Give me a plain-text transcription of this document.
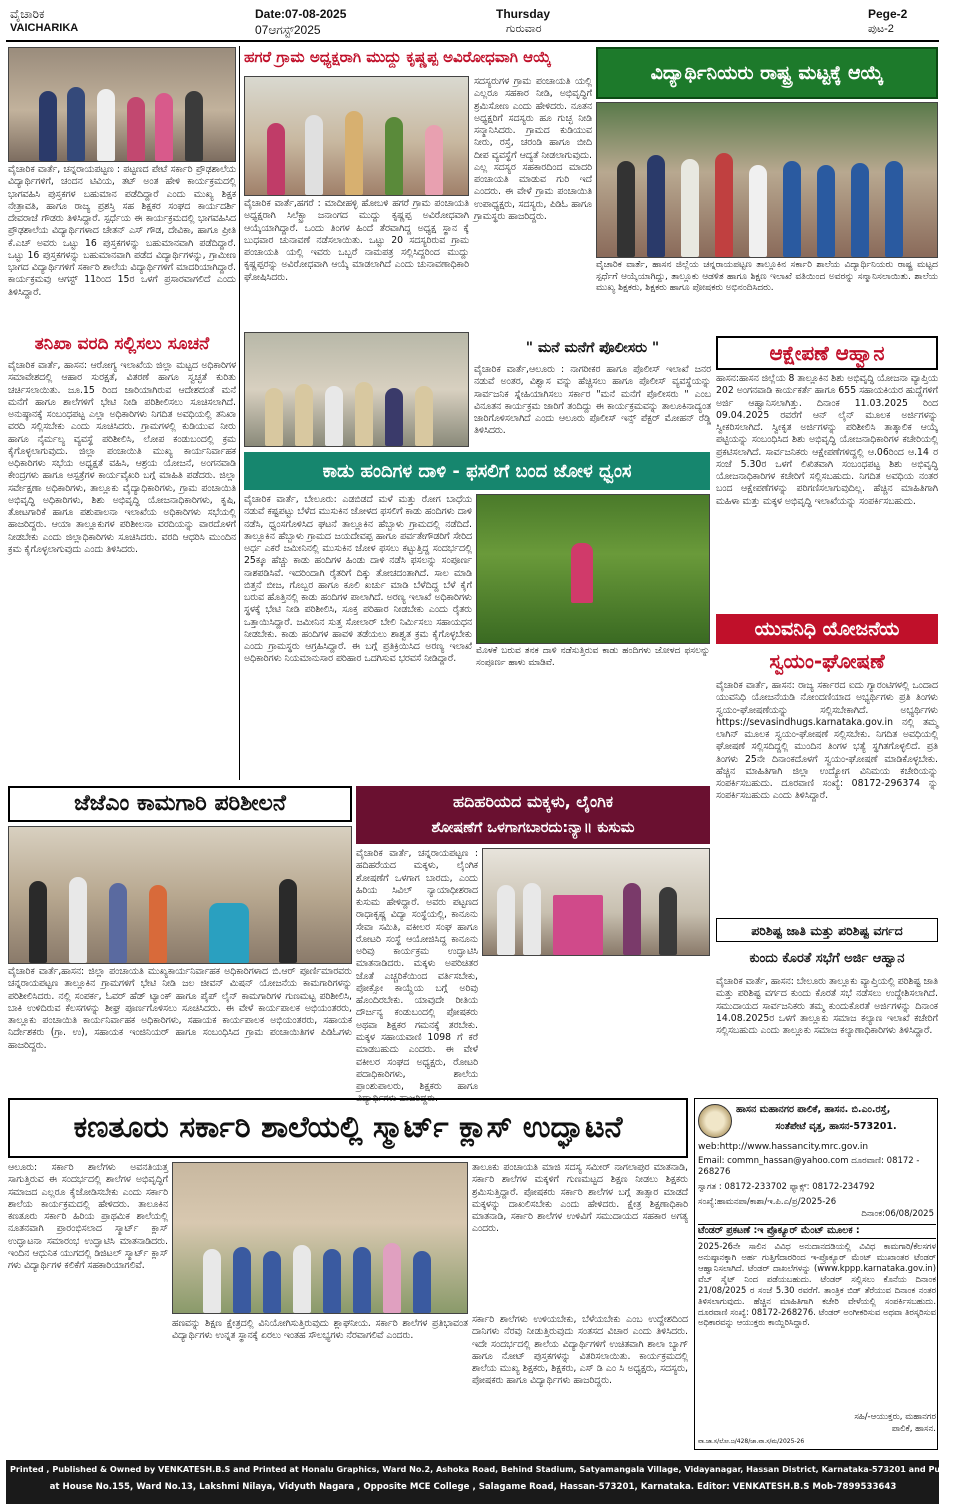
ವೈಚಾರಿಕ
VAICHARIKA
Date:07-08-2025
07ಆಗಸ್ಟ್2025
Thursday
ಗುರುವಾರ
Pege-2
ಪುಟ-2
ವೈಚಾರಿಕ ವಾರ್ತೆ, ಚನ್ನರಾಯಪಟ್ಟಣ : ಪಟ್ಟಣದ ಪೇಟೆ ಸರ್ಕಾರಿ ಪ್ರೌಢಶಾಲೆಯ ವಿದ್ಯಾರ್ಥಿಗಳಿಗೆ, ಚಂದನ ಟಿವಿಯ, ತಟ್ ಅಂತ ಹೇಳಿ ಕಾರ್ಯಕ್ರಮದಲ್ಲಿ ಭಾಗವಹಿಸಿ ಪುಸ್ತಕಗಳ ಬಹುಮಾನ ಪಡೆದಿದ್ದಾರೆ ಎಂದು ಮುಖ್ಯ ಶಿಕ್ಷಕ ನೇತ್ರಾವತಿ, ಹಾಗೂ ರಾಜ್ಯ ಪ್ರಶಸ್ತಿ ಸಹ ಶಿಕ್ಷಕರ ಸಂಘದ ಕಾರ್ಯದರ್ಶಿ ದೇವರಾಜೆ ಗೌಡರು ತಿಳಿಸಿದ್ದಾರೆ. ಸ್ಪರ್ಧೆಯ ಈ ಕಾರ್ಯಕ್ರಮದಲ್ಲಿ ಭಾಗವಹಿಸಿದ ಪ್ರೌಢಶಾಲೆಯ ವಿದ್ಯಾರ್ಥಿಗಳಾದ ಚೇತನ್ ಎಸ್ ಗೌಡ, ದೇವಿಕಾ, ಹಾಗೂ ಪ್ರೀತಿ ಕೆ.ಎಚ್ ಅವರು ಒಟ್ಟು 16 ಪುಸ್ತಕಗಳನ್ನು ಬಹುಮಾನವಾಗಿ ಪಡೆದಿದ್ದಾರೆ. ಒಟ್ಟು 16 ಪುಸ್ತಕಗಳನ್ನು ಬಹುಮಾನವಾಗಿ ಪಡೆದ ವಿದ್ಯಾರ್ಥಿಗಳನ್ನು, ಗ್ರಾಮೀಣ ಭಾಗದ ವಿದ್ಯಾರ್ಥಿಗಳಿಗೆ ಸರ್ಕಾರಿ ಶಾಲೆಯ ವಿದ್ಯಾರ್ಥಿಗಳಿಗೆ ಮಾದರಿಯಾಗಿದ್ದಾರೆ. ಕಾರ್ಯಕ್ರಮವು ಆಗಸ್ಟ್ 11ರಿಂದ 15ರ ಒಳಗೆ ಪ್ರಸಾರವಾಗಲಿದೆ ಎಂದು ತಿಳಿಸಿದ್ದಾರೆ.
ತನಿಖಾ ವರದಿ ಸಲ್ಲಿಸಲು ಸೂಚನೆ
ವೈಚಾರಿಕ ವಾರ್ತೆ, ಹಾಸನ: ಆರೋಗ್ಯ ಇಲಾಖೆಯ ಜಿಲ್ಲಾ ಮಟ್ಟದ ಅಧಿಕಾರಿಗಳ ಸಮಾವೇಶದಲ್ಲಿ ಆಹಾರ ಸುರಕ್ಷತೆ, ವಿತರಣೆ ಹಾಗೂ ಸ್ವಚ್ಛತೆ ಕುರಿತು ಚರ್ಚಿಸಲಾಯಿತು. ಜೂ.15 ರಿಂದ ಜಾರಿಯಾಗಿರುವ ಆದೇಶದಂತೆ ಮನೆ ಮನೆಗೆ ಹಾಗೂ ಶಾಲೆಗಳಿಗೆ ಭೇಟಿ ನೀಡಿ ಪರಿಶೀಲಿಸಲು ಸೂಚಿಸಲಾಗಿದೆ. ಅನುಷ್ಠಾನಕ್ಕೆ ಸಂಬಂಧಪಟ್ಟ ಎಲ್ಲಾ ಅಧಿಕಾರಿಗಳು ನಿಗದಿತ ಅವಧಿಯಲ್ಲಿ ತನಿಖಾ ವರದಿ ಸಲ್ಲಿಸಬೇಕು ಎಂದು ಸೂಚಿಸಿದರು. ಗ್ರಾಮಗಳಲ್ಲಿ ಕುಡಿಯುವ ನೀರು ಹಾಗೂ ನೈರ್ಮಲ್ಯ ವ್ಯವಸ್ಥೆ ಪರಿಶೀಲಿಸಿ, ಲೋಪ ಕಂಡುಬಂದಲ್ಲಿ ಕ್ರಮ ಕೈಗೊಳ್ಳಲಾಗುವುದು. ಜಿಲ್ಲಾ ಪಂಚಾಯಿತಿ ಮುಖ್ಯ ಕಾರ್ಯನಿರ್ವಾಹಕ ಅಧಿಕಾರಿಗಳು ಸಭೆಯ ಅಧ್ಯಕ್ಷತೆ ವಹಿಸಿ, ಆಶ್ರಯ ಯೋಜನೆ, ಅಂಗನವಾಡಿ ಕೇಂದ್ರಗಳು ಹಾಗೂ ಆಸ್ಪತ್ರೆಗಳ ಕಾರ್ಯವೈಖರಿ ಬಗ್ಗೆ ಮಾಹಿತಿ ಪಡೆದರು. ಜಿಲ್ಲಾ ಸರ್ವೇಕ್ಷಣಾ ಅಧಿಕಾರಿಗಳು, ತಾಲ್ಲೂಕು ವೈದ್ಯಾಧಿಕಾರಿಗಳು, ಗ್ರಾಮ ಪಂಚಾಯಿತಿ ಅಭಿವೃದ್ಧಿ ಅಧಿಕಾರಿಗಳು, ಶಿಶು ಅಭಿವೃದ್ಧಿ ಯೋಜನಾಧಿಕಾರಿಗಳು, ಕೃಷಿ, ತೋಟಗಾರಿಕೆ ಹಾಗೂ ಪಶುಪಾಲನಾ ಇಲಾಖೆಯ ಅಧಿಕಾರಿಗಳು ಸಭೆಯಲ್ಲಿ ಹಾಜರಿದ್ದರು. ಆಯಾ ತಾಲ್ಲೂಕುಗಳ ಪರಿಶೀಲನಾ ವರದಿಯನ್ನು ವಾರದೊಳಗೆ ನೀಡಬೇಕು ಎಂದು ಜಿಲ್ಲಾಧಿಕಾರಿಗಳು ಸೂಚಿಸಿದರು. ವರದಿ ಆಧರಿಸಿ ಮುಂದಿನ ಕ್ರಮ ಕೈಗೊಳ್ಳಲಾಗುವುದು ಎಂದು ತಿಳಿಸಿದರು.
ಹಗರೆ ಗ್ರಾಮ ಅಧ್ಯಕ್ಷರಾಗಿ ಮುದ್ದು ಕೃಷ್ಣಪ್ಪ ಅವಿರೋಧವಾಗಿ ಆಯ್ಕೆ
ವೈಚಾರಿಕ ವಾರ್ತೆ,ಹಗರೆ : ಮಾದೀಹಳ್ಳಿ ಹೋಬಳಿ ಹಗರೆ ಗ್ರಾಮ ಪಂಚಾಯತಿ ಅಧ್ಯಕ್ಷರಾಗಿ ಸಿಲೆಕ್ಟ್ರಾ ಜನಾಂಗದ ಮುದ್ದು ಕೃಷ್ಣಪ್ಪ ಅವಿರೋಧವಾಗಿ ಆಯ್ಕೆಯಾಗಿದ್ದಾರೆ. ಒಂದು ತಿಂಗಳ ಹಿಂದೆ ತೆರವಾಗಿದ್ದ ಅಧ್ಯಕ್ಷ ಸ್ಥಾನ ಕ್ಕೆ ಬುಧವಾರ ಚುನಾವಣೆ ನಡೆಸಲಾಯಿತು. ಒಟ್ಟು 20 ಸದಸ್ಯರಿರುವ ಗ್ರಾಮ ಪಂಚಾಯತಿ ಯಲ್ಲಿ ಇವರು ಒಬ್ಬರೆ ನಾಮಪತ್ರ ಸಲ್ಲಿಸಿದ್ದರಿಂದ ಮುದ್ದು ಕೃಷ್ಣಪ್ಪರನ್ನು ಅವಿರೋಧವಾಗಿ ಆಯ್ಕೆ ಮಾಡಲಾಗಿದೆ ಎಂದು ಚುನಾವಣಾಧಿಕಾರಿ ಘೋಷಿಸಿದರು.
ಸದಸ್ಯರುಗಳ ಗ್ರಾಮ ಪಂಚಾಯತಿ ಯಲ್ಲಿ ಎಲ್ಲರೂ ಸಹಕಾರ ನೀಡಿ, ಅಭಿವೃದ್ಧಿಗೆ ಶ್ರಮಿಸೋಣ ಎಂದು ಹೇಳಿದರು. ನೂತನ ಅಧ್ಯಕ್ಷರಿಗೆ ಸದಸ್ಯರು ಹೂ ಗುಚ್ಛ ನೀಡಿ ಸನ್ಮಾನಿಸಿದರು. ಗ್ರಾಮದ ಕುಡಿಯುವ ನೀರು, ರಸ್ತೆ, ಚರಂಡಿ ಹಾಗೂ ಬೀದಿ ದೀಪ ವ್ಯವಸ್ಥೆಗೆ ಆದ್ಯತೆ ನೀಡಲಾಗುವುದು. ಎಲ್ಲ ಸದಸ್ಯರ ಸಹಕಾರದಿಂದ ಮಾದರಿ ಪಂಚಾಯತಿ ಮಾಡುವ ಗುರಿ ಇದೆ ಎಂದರು. ಈ ವೇಳೆ ಗ್ರಾಮ ಪಂಚಾಯಿತಿ ಉಪಾಧ್ಯಕ್ಷರು, ಸದಸ್ಯರು, ಪಿಡಿಓ ಹಾಗೂ ಗ್ರಾಮಸ್ಥರು ಹಾಜರಿದ್ದರು.
" ಮನೆ ಮನೆಗೆ ಪೊಲೀಸರು "
ವೈಚಾರಿಕ ವಾರ್ತೆ,ಆಲೂರು : ನಾಗರೀಕರ ಹಾಗೂ ಪೊಲೀಸ್ ಇಲಾಖೆ ಜನರ ನಡುವೆ ಅಂತರ, ವಿಶ್ವಾಸ ವನ್ನು ಹೆಚ್ಚಿಸಲು ಹಾಗೂ ಪೊಲೀಸ್ ವ್ಯವಸ್ಥೆಯನ್ನು ಸಾರ್ವಜನಿಕ ಸ್ನೇಹಿಯಾಗಿಸಲು ಸರ್ಕಾರ "ಮನೆ ಮನೆಗೆ ಪೊಲೀಸರು " ಎಂಬ ವಿನೂತನ ಕಾರ್ಯಕ್ರಮ ಜಾರಿಗೆ ತಂದಿದ್ದು ಈ ಕಾರ್ಯಕ್ರಮವನ್ನು ತಾಲೂಕಿನಾದ್ಯಂತ ಜಾರಿಗೊಳಿಸಲಾಗಿದೆ ಎಂದು ಆಲೂರು ಪೊಲೀಸ್ ಇನ್ಸ್ ಪೆಕ್ಟರ್ ಮೋಹನ್ ರೆಡ್ಡಿ ತಿಳಿಸಿದರು.
ಕಾಡು ಹಂದಿಗಳ ದಾಳಿ - ಫಸಲಿಗೆ ಬಂದ ಜೋಳ ಧ್ವಂಸ
ವೈಚಾರಿಕ ವಾರ್ತೆ, ಬೇಲೂರು: ಎಡಬಿಡದೆ ಮಳೆ ಮತ್ತು ರೋಗ ಬಾಧೆಯ ನಡುವೆ ಕಷ್ಟಪಟ್ಟು ಬೆಳೆದ ಮುಸುಕಿನ ಜೋಳದ ಫಸಲಿಗೆ ಕಾಡು ಹಂದಿಗಳು ದಾಳಿ ನಡೆಸಿ, ಧ್ವಂಸಗೊಳಿಸಿದ ಘಟನೆ ತಾಲ್ಲೂಕಿನ ಹೆಬ್ಬಾಳು ಗ್ರಾಮದಲ್ಲಿ ನಡೆದಿದೆ. ತಾಲ್ಲೂಕಿನ ಹೆಬ್ಬಾಳು ಗ್ರಾಮದ ಜಯದೇವಪ್ಪ ಹಾಗೂ ಪರ್ವತೇಗೌಡರಿಗೆ ಸೇರಿದ ಅರ್ಧ ಎಕರೆ ಜಮೀನಿನಲ್ಲಿ ಮುಸುಕಿನ ಜೋಳ ಫಸಲು ಕಟ್ಟುತ್ತಿದ್ದ ಸಂದರ್ಭದಲ್ಲಿ 25ಕ್ಕೂ ಹೆಚ್ಚು ಕಾಡು ಹಂದಿಗಳ ಹಿಂಡು ದಾಳಿ ನಡೆಸಿ ಫಸಲನ್ನು ಸಂಪೂರ್ಣ ನಾಶಪಡಿಸಿವೆ. ಇದರಿಂದಾಗಿ ರೈತರಿಗೆ ದಿಕ್ಕು ತೋಚದಂತಾಗಿದೆ. ಸಾಲ ಮಾಡಿ ಬಿತ್ತನೆ ಬೀಜ, ಗೊಬ್ಬರ ಹಾಗೂ ಕೂಲಿ ಖರ್ಚು ಮಾಡಿ ಬೆಳೆದಿದ್ದ ಬೆಳೆ ಕೈಗೆ ಬರುವ ಹೊತ್ತಿನಲ್ಲಿ ಕಾಡು ಹಂದಿಗಳ ಪಾಲಾಗಿದೆ. ಅರಣ್ಯ ಇಲಾಖೆ ಅಧಿಕಾರಿಗಳು ಸ್ಥಳಕ್ಕೆ ಭೇಟಿ ನೀಡಿ ಪರಿಶೀಲಿಸಿ, ಸೂಕ್ತ ಪರಿಹಾರ ನೀಡಬೇಕು ಎಂದು ರೈತರು ಒತ್ತಾಯಿಸಿದ್ದಾರೆ. ಜಮೀನಿನ ಸುತ್ತ ಸೋಲಾರ್ ಬೇಲಿ ನಿರ್ಮಿಸಲು ಸಹಾಯಧನ ನೀಡಬೇಕು. ಕಾಡು ಹಂದಿಗಳ ಹಾವಳಿ ತಡೆಯಲು ಶಾಶ್ವತ ಕ್ರಮ ಕೈಗೊಳ್ಳಬೇಕು ಎಂದು ಗ್ರಾಮಸ್ಥರು ಆಗ್ರಹಿಸಿದ್ದಾರೆ. ಈ ಬಗ್ಗೆ ಪ್ರತಿಕ್ರಿಯಿಸಿದ ಅರಣ್ಯ ಇಲಾಖೆ ಅಧಿಕಾರಿಗಳು ನಿಯಮಾನುಸಾರ ಪರಿಹಾರ ಒದಗಿಸುವ ಭರವಸೆ ನೀಡಿದ್ದಾರೆ.
ಮೊಳಕೆ ಬರುವ ತನಕ ದಾಳಿ ನಡೆಸುತ್ತಿರುವ ಕಾಡು ಹಂದಿಗಳು ಜೋಳದ ಫಸಲನ್ನು ಸಂಪೂರ್ಣ ಹಾಳು ಮಾಡಿವೆ.
ವಿದ್ಯಾರ್ಥಿನಿಯರು ರಾಷ್ಟ್ರ ಮಟ್ಟಕ್ಕೆ ಆಯ್ಕೆ
ವೈಚಾರಿಕ ವಾರ್ತೆ, ಹಾಸನ ಜಿಲ್ಲೆಯ ಚನ್ನರಾಯಪಟ್ಟಣ ತಾಲ್ಲೂಕಿನ ಸರ್ಕಾರಿ ಶಾಲೆಯ ವಿದ್ಯಾರ್ಥಿನಿಯರು ರಾಷ್ಟ್ರ ಮಟ್ಟದ ಸ್ಪರ್ಧೆಗೆ ಆಯ್ಕೆಯಾಗಿದ್ದು, ತಾಲ್ಲೂಕು ಆಡಳಿತ ಹಾಗೂ ಶಿಕ್ಷಣ ಇಲಾಖೆ ವತಿಯಿಂದ ಅವರನ್ನು ಸನ್ಮಾನಿಸಲಾಯಿತು. ಶಾಲೆಯ ಮುಖ್ಯ ಶಿಕ್ಷಕರು, ಶಿಕ್ಷಕರು ಹಾಗೂ ಪೋಷಕರು ಅಭಿನಂದಿಸಿದರು.
ಆಕ್ಷೇಪಣೆ ಆಹ್ವಾನ
ಹಾಸನ:ಹಾಸನ ಜಿಲ್ಲೆಯ 8 ತಾಲ್ಲೂಕಿನ ಶಿಶು ಅಭಿವೃದ್ಧಿ ಯೋಜನಾ ವ್ಯಾಪ್ತಿಯ 202 ಅಂಗನವಾಡಿ ಕಾರ್ಯಕರ್ತೆ ಹಾಗೂ 655 ಸಹಾಯಕಿಯರ ಹುದ್ದೆಗಳಿಗೆ ಅರ್ಜಿ ಆಹ್ವಾನಿಸಲಾಗಿತ್ತು. ದಿನಾಂಕ 11.03.2025 ರಿಂದ 09.04.2025 ರವರೆಗೆ ಆನ್ ಲೈನ್ ಮೂಲಕ ಅರ್ಜಿಗಳನ್ನು ಸ್ವೀಕರಿಸಲಾಗಿದೆ. ಸ್ವೀಕೃತ ಅರ್ಜಿಗಳನ್ನು ಪರಿಶೀಲಿಸಿ ತಾತ್ಕಾಲಿಕ ಆಯ್ಕೆ ಪಟ್ಟಿಯನ್ನು ಸಂಬಂಧಿಸಿದ ಶಿಶು ಅಭಿವೃದ್ಧಿ ಯೋಜನಾಧಿಕಾರಿಗಳ ಕಚೇರಿಯಲ್ಲಿ ಪ್ರಕಟಿಸಲಾಗಿದೆ. ಸಾರ್ವಜನಿಕರು ಆಕ್ಷೇಪಣೆಗಳಿದ್ದಲ್ಲಿ ಆ.06ರಿಂದ ಆ.14 ರ ಸಂಜೆ 5.30ರ ಒಳಗೆ ಲಿಖಿತವಾಗಿ ಸಂಬಂಧಪಟ್ಟ ಶಿಶು ಅಭಿವೃದ್ಧಿ ಯೋಜನಾಧಿಕಾರಿಗಳ ಕಚೇರಿಗೆ ಸಲ್ಲಿಸಬಹುದು. ನಿಗದಿತ ಅವಧಿಯ ನಂತರ ಬಂದ ಆಕ್ಷೇಪಣೆಗಳನ್ನು ಪರಿಗಣಿಸಲಾಗುವುದಿಲ್ಲ. ಹೆಚ್ಚಿನ ಮಾಹಿತಿಗಾಗಿ ಮಹಿಳಾ ಮತ್ತು ಮಕ್ಕಳ ಅಭಿವೃದ್ಧಿ ಇಲಾಖೆಯನ್ನು ಸಂಪರ್ಕಿಸಬಹುದು.
ಯುವನಿಧಿ ಯೋಜನೆಯ
ಸ್ವಯಂ-ಘೋಷಣೆ
ವೈಚಾರಿಕ ವಾರ್ತೆ, ಹಾಸನ: ರಾಜ್ಯ ಸರ್ಕಾರದ ಐದು ಗ್ಯಾರಂಟಿಗಳಲ್ಲಿ ಒಂದಾದ ಯುವನಿಧಿ ಯೋಜನೆಯಡಿ ನೋಂದಣಿಯಾದ ಅಭ್ಯರ್ಥಿಗಳು ಪ್ರತಿ ತಿಂಗಳು ಸ್ವಯಂ-ಘೋಷಣೆಯನ್ನು ಸಲ್ಲಿಸಬೇಕಾಗಿದೆ. ಅಭ್ಯರ್ಥಿಗಳು https://sevasindhugs.karnataka.gov.in ನಲ್ಲಿ ತಮ್ಮ ಲಾಗಿನ್ ಮೂಲಕ ಸ್ವಯಂ-ಘೋಷಣೆ ಸಲ್ಲಿಸಬೇಕು. ನಿಗದಿತ ಅವಧಿಯಲ್ಲಿ ಘೋಷಣೆ ಸಲ್ಲಿಸದಿದ್ದಲ್ಲಿ ಮುಂದಿನ ತಿಂಗಳ ಭತ್ಯೆ ಸ್ಥಗಿತಗೊಳ್ಳಲಿದೆ. ಪ್ರತಿ ತಿಂಗಳು 25ನೇ ದಿನಾಂಕದೊಳಗೆ ಸ್ವಯಂ-ಘೋಷಣೆ ಮಾಡಿಕೊಳ್ಳಬೇಕು. ಹೆಚ್ಚಿನ ಮಾಹಿತಿಗಾಗಿ ಜಿಲ್ಲಾ ಉದ್ಯೋಗ ವಿನಿಮಯ ಕಚೇರಿಯನ್ನು ಸಂಪರ್ಕಿಸಬಹುದು. ದೂರವಾಣಿ ಸಂಖ್ಯೆ: 08172-296374 ನ್ನು ಸಂಪರ್ಕಿಸಬಹುದು ಎಂದು ತಿಳಿಸಿದ್ದಾರೆ.
ಪರಿಶಿಷ್ಟ ಜಾತಿ ಮತ್ತು ಪರಿಶಿಷ್ಟ ವರ್ಗದ
ಕುಂದು ಕೊರತೆ ಸಭೆಗೆ ಅರ್ಜಿ ಆಹ್ವಾನ
ವೈಚಾರಿಕ ವಾರ್ತೆ, ಹಾಸನ: ಬೇಲೂರು ತಾಲ್ಲೂಕು ವ್ಯಾಪ್ತಿಯಲ್ಲಿ ಪರಿಶಿಷ್ಟ ಜಾತಿ ಮತ್ತು ಪರಿಶಿಷ್ಟ ವರ್ಗದ ಕುಂದು ಕೊರತೆ ಸಭೆ ನಡೆಸಲು ಉದ್ದೇಶಿಸಲಾಗಿದೆ. ಸಮುದಾಯದ ಸಾರ್ವಜನಿಕರು ತಮ್ಮ ಕುಂದುಕೊರತೆ ಅರ್ಜಿಗಳನ್ನು ದಿನಾಂಕ 14.08.2025ರ ಒಳಗೆ ತಾಲ್ಲೂಕು ಸಮಾಜ ಕಲ್ಯಾಣ ಇಲಾಖೆ ಕಚೇರಿಗೆ ಸಲ್ಲಿಸಬಹುದು ಎಂದು ತಾಲ್ಲೂಕು ಸಮಾಜ ಕಲ್ಯಾಣಾಧಿಕಾರಿಗಳು ತಿಳಿಸಿದ್ದಾರೆ.
ಜೆಜೆಎಂ ಕಾಮಗಾರಿ ಪರಿಶೀಲನೆ
ವೈಚಾರಿಕ ವಾರ್ತೆ,ಹಾಸನ: ಜಿಲ್ಲಾ ಪಂಚಾಯತಿ ಮುಖ್ಯಕಾರ್ಯನಿರ್ವಾಹಕ ಅಧಿಕಾರಿಗಳಾದ ಬಿ.ಆರ್ ಪೂರ್ಣಿಮಾರವರು ಚನ್ನರಾಯಪಟ್ಟಣ ತಾಲ್ಲೂಕಿನ ಗ್ರಾಮಗಳಿಗೆ ಭೇಟಿ ನೀಡಿ ಜಲ ಜೀವನ್ ಮಿಷನ್ ಯೋಜನೆಯ ಕಾಮಗಾರಿಗಳನ್ನು ಪರಿಶೀಲಿಸಿದರು. ನಲ್ಲಿ ಸಂಪರ್ಕ, ಓವರ್ ಹೆಡ್ ಟ್ಯಾಂಕ್ ಹಾಗೂ ಪೈಪ್ ಲೈನ್ ಕಾಮಗಾರಿಗಳ ಗುಣಮಟ್ಟ ಪರಿಶೀಲಿಸಿ, ಬಾಕಿ ಉಳಿದಿರುವ ಕೆಲಸಗಳನ್ನು ಶೀಘ್ರ ಪೂರ್ಣಗೊಳಿಸಲು ಸೂಚಿಸಿದರು. ಈ ವೇಳೆ ಕಾರ್ಯಪಾಲಕ ಅಭಿಯಂತರರು, ತಾಲ್ಲೂಕು ಪಂಚಾಯಿತಿ ಕಾರ್ಯನಿರ್ವಾಹಕ ಅಧಿಕಾರಿಗಳು, ಸಹಾಯಕ ಕಾರ್ಯಪಾಲಕ ಅಭಿಯಂತರರು, ಸಹಾಯಕ ನಿರ್ದೇಶಕರು (ಗ್ರಾ. ಉ), ಸಹಾಯಕ ಇಂಜಿನಿಯರ್ ಹಾಗೂ ಸಂಬಂಧಿಸಿದ ಗ್ರಾಮ ಪಂಚಾಯಿತಿಗಳ ಪಿಡಿಓಗಳು ಹಾಜರಿದ್ದರು.
ಹದಿಹರಿಯದ ಮಕ್ಕಳು, ಲೈಂಗಿಕ
ಶೋಷಣೆಗೆ ಒಳಗಾಗಬಾರದು:ನ್ಯಾ॥ ಕುಸುಮ
ವೈಚಾರಿಕ ವಾರ್ತೆ, ಚನ್ನರಾಯಪಟ್ಟಣ : ಹದಿಹರೆಯದ ಮಕ್ಕಳು, ಲೈಂಗಿಕ ಶೋಷಣೆಗೆ ಒಳಗಾಗ ಬಾರದು, ಎಂದು ಹಿರಿಯ ಸಿವಿಲ್ ನ್ಯಾಯಾಧೀಶರಾದ ಕುಸುಮ ಹೇಳಿದ್ದಾರೆ. ಅವರು ಪಟ್ಟಣದ ರಾಧಾಕೃಷ್ಣ ವಿದ್ಯಾ ಸಂಸ್ಥೆಯಲ್ಲಿ, ಕಾನೂನು ಸೇವಾ ಸಮಿತಿ, ವಕೀಲರ ಸಂಘ ಹಾಗೂ ರೋಟರಿ ಸಂಸ್ಥೆ ಆಯೋಜಿಸಿದ್ದ ಕಾನೂನು ಅರಿವು ಕಾರ್ಯಕ್ರಮ ಉದ್ಘಾಟಿಸಿ ಮಾತನಾಡಿದರು. ಮಕ್ಕಳು ಅಪರಿಚಿತರ ಜೊತೆ ಎಚ್ಚರಿಕೆಯಿಂದ ವರ್ತಿಸಬೇಕು, ಪೋಕ್ಸೋ ಕಾಯ್ದೆಯ ಬಗ್ಗೆ ಅರಿವು ಹೊಂದಿರಬೇಕು. ಯಾವುದೇ ರೀತಿಯ ದೌರ್ಜನ್ಯ ಕಂಡುಬಂದಲ್ಲಿ ಪೋಷಕರು ಅಥವಾ ಶಿಕ್ಷಕರ ಗಮನಕ್ಕೆ ತರಬೇಕು. ಮಕ್ಕಳ ಸಹಾಯವಾಣಿ 1098 ಗೆ ಕರೆ ಮಾಡಬಹುದು ಎಂದರು. ಈ ವೇಳೆ ವಕೀಲರ ಸಂಘದ ಅಧ್ಯಕ್ಷರು, ರೋಟರಿ ಪದಾಧಿಕಾರಿಗಳು, ಶಾಲೆಯ ಪ್ರಾಂಶುಪಾಲರು, ಶಿಕ್ಷಕರು ಹಾಗೂ ವಿದ್ಯಾರ್ಥಿಗಳು ಹಾಜರಿದ್ದರು.
ಕಣತೂರು ಸರ್ಕಾರಿ ಶಾಲೆಯಲ್ಲಿ ಸ್ಮಾರ್ಟ್ ಕ್ಲಾಸ್ ಉದ್ಘಾಟನೆ
ಆಲೂರು: ಸರ್ಕಾರಿ ಶಾಲೆಗಳು ಅವನತಿಯತ್ತ ಸಾಗುತ್ತಿರುವ ಈ ಸಂದರ್ಭದಲ್ಲಿ ಶಾಲೆಗಳ ಅಭಿವೃದ್ಧಿಗೆ ಸಮಾಜದ ಎಲ್ಲರೂ ಕೈಜೋಡಿಸಬೇಕು ಎಂದು ಸರ್ಕಾರಿ ಶಾಲೆಯ ಕಾರ್ಯಕ್ರಮದಲ್ಲಿ ಹೇಳಿದರು. ತಾಲೂಕಿನ ಕಣತೂರು ಸರ್ಕಾರಿ ಹಿರಿಯ ಪ್ರಾಥಮಿಕ ಶಾಲೆಯಲ್ಲಿ ನೂತನವಾಗಿ ಪ್ರಾರಂಭಿಸಲಾದ ಸ್ಮಾರ್ಟ್ ಕ್ಲಾಸ್ ಉದ್ಘಾಟನಾ ಸಮಾರಂಭ ಉದ್ಘಾಟಿಸಿ ಮಾತನಾಡಿದರು. ಇಂದಿನ ಆಧುನಿಕ ಯುಗದಲ್ಲಿ ಡಿಜಿಟಲ್ ಸ್ಮಾರ್ಟ್ ಕ್ಲಾಸ್ ಗಳು ವಿದ್ಯಾರ್ಥಿಗಳ ಕಲಿಕೆಗೆ ಸಹಕಾರಿಯಾಗಲಿವೆ.
ಹಣವನ್ನು ಶಿಕ್ಷಣ ಕ್ಷೇತ್ರದಲ್ಲಿ ವಿನಿಯೋಗಿಸುತ್ತಿರುವುದು ಶ್ಲಾಘನೀಯ. ಸರ್ಕಾರಿ ಶಾಲೆಗಳ ಪ್ರತಿಭಾವಂತ ವಿದ್ಯಾರ್ಥಿಗಳು ಉನ್ನತ ಸ್ಥಾನಕ್ಕೆ ಏರಲು ಇಂತಹ ಸೌಲಭ್ಯಗಳು ನೆರವಾಗಲಿವೆ ಎಂದರು.
ತಾಲೂಕು ಪಂಚಾಯತಿ ಮಾಜಿ ಸದಸ್ಯ ಸಮೀರ್ ನಾಗಲಾಪುರ ಮಾತನಾಡಿ, ಸರ್ಕಾರಿ ಶಾಲೆಗಳ ಮಕ್ಕಳಿಗೆ ಗುಣಮಟ್ಟದ ಶಿಕ್ಷಣ ನೀಡಲು ಶಿಕ್ಷಕರು ಶ್ರಮಿಸುತ್ತಿದ್ದಾರೆ. ಪೋಷಕರು ಸರ್ಕಾರಿ ಶಾಲೆಗಳ ಬಗ್ಗೆ ತಾತ್ಸಾರ ಮಾಡದೆ ಮಕ್ಕಳನ್ನು ದಾಖಲಿಸಬೇಕು ಎಂದು ಹೇಳಿದರು. ಕ್ಷೇತ್ರ ಶಿಕ್ಷಣಾಧಿಕಾರಿ ಮಾತನಾಡಿ, ಸರ್ಕಾರಿ ಶಾಲೆಗಳ ಉಳಿವಿಗೆ ಸಮುದಾಯದ ಸಹಕಾರ ಅಗತ್ಯ ಎಂದರು.
ಸರ್ಕಾರಿ ಶಾಲೆಗಳು ಉಳಿಯಬೇಕು, ಬೆಳೆಯಬೇಕು ಎಂಬ ಉದ್ದೇಶದಿಂದ ದಾನಿಗಳು ನೆರವು ನೀಡುತ್ತಿರುವುದು ಸಂತಸದ ವಿಚಾರ ಎಂದು ತಿಳಿಸಿದರು. ಇದೇ ಸಂದರ್ಭದಲ್ಲಿ ಶಾಲೆಯ ವಿದ್ಯಾರ್ಥಿಗಳಿಗೆ ಉಚಿತವಾಗಿ ಶಾಲಾ ಬ್ಯಾಗ್ ಹಾಗೂ ನೋಟ್ ಪುಸ್ತಕಗಳನ್ನು ವಿತರಿಸಲಾಯಿತು. ಕಾರ್ಯಕ್ರಮದಲ್ಲಿ ಶಾಲೆಯ ಮುಖ್ಯ ಶಿಕ್ಷಕರು, ಶಿಕ್ಷಕರು, ಎಸ್ ಡಿ ಎಂ ಸಿ ಅಧ್ಯಕ್ಷರು, ಸದಸ್ಯರು, ಪೋಷಕರು ಹಾಗೂ ವಿದ್ಯಾರ್ಥಿಗಳು ಹಾಜರಿದ್ದರು.
ಹಾಸನ ಮಹಾನಗರ ಪಾಲಿಕೆ, ಹಾಸನ. ಬಿ.ಎಂ.ರಸ್ತೆ,
ಸಂತೆಪೇಟೆ ವೃತ್ತ, ಹಾಸನ-573201.
web:http://www.hassancity.mrc.gov.in
Email: commn_hassan@yahoo.com ದೂರವಾಣಿ: 08172 - 268276
ಸ್ವಾಗತ : 08172-233702 ಫ್ಯಾಕ್ಸ್: 08172-234792
ಸಂಖ್ಯೆ:ಹಾಮನಪಾ/ಕಾಶಾ/ಇ.ಪಿ.ಎ/ಪ್ರ/2025-26
ದಿನಾಂಕ:06/08/2025
ಟೆಂಡರ್ ಪ್ರಕಟಣೆ :ಇ ಪ್ರೊಕ್ಯೂರ್ ಮೆಂಟ್ ಮೂಲಕ :
2025-26ನೇ ಸಾಲಿನ ವಿವಿಧ ಅನುದಾನದಡಿಯಲ್ಲಿ ವಿವಿಧ ಕಾಮಗಾರಿ/ಕೆಲಸಗಳ ಅನುಷ್ಠಾನಕ್ಕಾಗಿ ಅರ್ಹ ಗುತ್ತಿಗೆದಾರರಿಂದ ಇ-ಪ್ರೊಕ್ಯೂರ್ ಮೆಂಟ್ ಮುಖಾಂತರ ಟೆಂಡರ್ ಆಹ್ವಾನಿಸಲಾಗಿದೆ. ಟೆಂಡರ್ ದಾಖಲೆಗಳನ್ನು (www.kppp.karnataka.gov.in) ವೆಬ್ ಸೈಟ್ ನಿಂದ ಪಡೆಯಬಹುದು. ಟೆಂಡರ್ ಸಲ್ಲಿಸಲು ಕೊನೆಯ ದಿನಾಂಕ 21/08/2025 ರ ಸಂಜೆ 5.30 ರವರೆಗೆ. ತಾಂತ್ರಿಕ ಬಿಡ್ ತೆರೆಯುವ ದಿನಾಂಕ ನಂತರ ತಿಳಿಸಲಾಗುವುದು. ಹೆಚ್ಚಿನ ಮಾಹಿತಿಗಾಗಿ ಕಚೇರಿ ವೇಳೆಯಲ್ಲಿ ಸಂಪರ್ಕಿಸಬಹುದು. ದೂರವಾಣಿ ಸಂಖ್ಯೆ: 08172-268276. ಟೆಂಡರ್ ಅಂಗೀಕರಿಸುವ ಅಥವಾ ತಿರಸ್ಕರಿಸುವ ಅಧಿಕಾರವನ್ನು ಆಯುಕ್ತರು ಕಾಯ್ದಿರಿಸಿದ್ದಾರೆ.
ಸಹಿ/-ಆಯುಕ್ತರು, ಮಹಾನಗರ
ಪಾಲಿಕೆ, ಹಾಸನ.
ವಾ.ಜಾ.ಸ/ಲೋ.ಜ/428/ಜಾ.ವಾ.ಸ/ಮ/2025-26
Printed , Published & Owned by VENKATESH.B.S and Printed at Honalu Graphics, Ward No.2, Ashoka Road, Behind Stadium, Satyamangala Village, Vidayanagar, Hassan District, Karnataka-573201 and Published
at House No.155, Ward No.13, Lakshmi Nilaya, Vidyuth Nagara , Opposite MCE College , Salagame Road, Hassan-573201, Karnataka. Editor: VENKATESH.B.S Mob-7899533643
